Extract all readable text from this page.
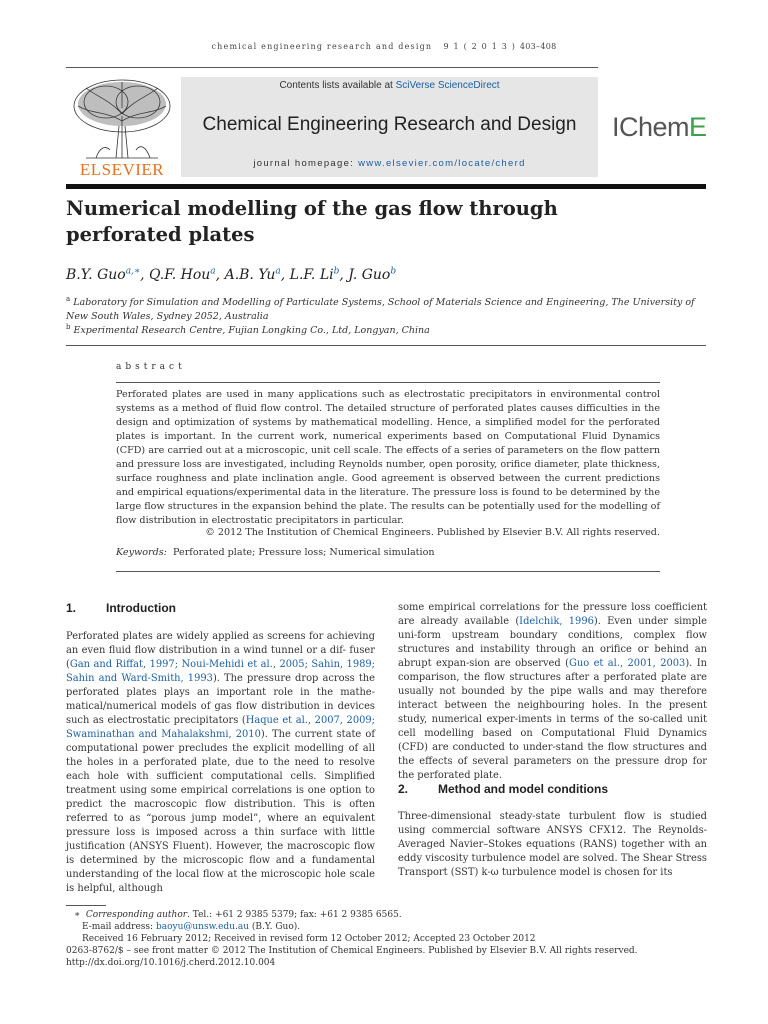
chemical engineering research and design 9 1 ( 2 0 1 3 ) 403–408
ELSEVIER
Contents lists available at SciVerse ScienceDirect
Chemical Engineering Research and Design
journal homepage: www.elsevier.com/locate/cherd
IChemE
Numerical modelling of the gas flow through perforated plates
B.Y. Guo$^{a,∗}$, Q.F. Hou$^a$, A.B. Yu$^a$, L.F. Li$^b$, J. Guo$^b$
$^a$ Laboratory for Simulation and Modelling of Particulate Systems, School of Materials Science and Engineering, The University of New South Wales, Sydney 2052, Australia
$^b$ Experimental Research Centre, Fujian Longking Co., Ltd, Longyan, China
abstract
Perforated plates are used in many applications such as electrostatic precipitators in environmental control systems as a method of fluid flow control. The detailed structure of perforated plates causes difficulties in the design and optimization of systems by mathematical modelling. Hence, a simplified model for the perforated plates is important. In the current work, numerical experiments based on Computational Fluid Dynamics (CFD) are carried out at a microscopic, unit cell scale. The effects of a series of parameters on the flow pattern and pressure loss are investigated, including Reynolds number, open porosity, orifice diameter, plate thickness, surface roughness and plate inclination angle. Good agreement is observed between the current predictions and empirical equations/experimental data in the literature. The pressure loss is found to be determined by the large flow structures in the expansion behind the plate. The results can be potentially used for the modelling of flow distribution in electrostatic precipitators in particular.
© 2012 The Institution of Chemical Engineers. Published by Elsevier B.V. All rights reserved.
Keywords: Perforated plate; Pressure loss; Numerical simulation
1. Introduction
Perforated plates are widely applied as screens for achieving an even fluid flow distribution in a wind tunnel or a dif- fuser (Gan and Riffat, 1997; Noui-Mehidi et al., 2005; Sahin, 1989; Sahin and Ward-Smith, 1993). The pressure drop across the perforated plates plays an important role in the mathe-matical/numerical models of gas flow distribution in devices such as electrostatic precipitators (Haque et al., 2007, 2009; Swaminathan and Mahalakshmi, 2010). The current state of computational power precludes the explicit modelling of all the holes in a perforated plate, due to the need to resolve each hole with sufficient computational cells. Simplified treatment using some empirical correlations is one option to predict the macroscopic flow distribution. This is often referred to as “porous jump model”, where an equivalent pressure loss is imposed across a thin surface with little justification (ANSYS Fluent). However, the macroscopic flow is determined by the microscopic flow and a fundamental understanding of the local flow at the microscopic hole scale is helpful, although
some empirical correlations for the pressure loss coefficient are already available (Idelchik, 1996). Even under simple uni-form upstream boundary conditions, complex flow structures and instability through an orifice or behind an abrupt expan-sion are observed (Guo et al., 2001, 2003). In comparison, the flow structures after a perforated plate are usually not bounded by the pipe walls and may therefore interact between the neighbouring holes. In the present study, numerical exper-iments in terms of the so-called unit cell modelling based on Computational Fluid Dynamics (CFD) are conducted to under-stand the flow structures and the effects of several parameters on the pressure drop for the perforated plate.
2. Method and model conditions
Three-dimensional steady-state turbulent flow is studied using commercial software ANSYS CFX12. The Reynolds-Averaged Navier–Stokes equations (RANS) together with an eddy viscosity turbulence model are solved. The Shear Stress Transport (SST) k-ω turbulence model is chosen for its
∗ Corresponding author. Tel.: +61 2 9385 5379; fax: +61 2 9385 6565.
E-mail address: baoyu@unsw.edu.au (B.Y. Guo).
Received 16 February 2012; Received in revised form 12 October 2012; Accepted 23 October 2012
0263-8762/$ – see front matter © 2012 The Institution of Chemical Engineers. Published by Elsevier B.V. All rights reserved.
http://dx.doi.org/10.1016/j.cherd.2012.10.004
